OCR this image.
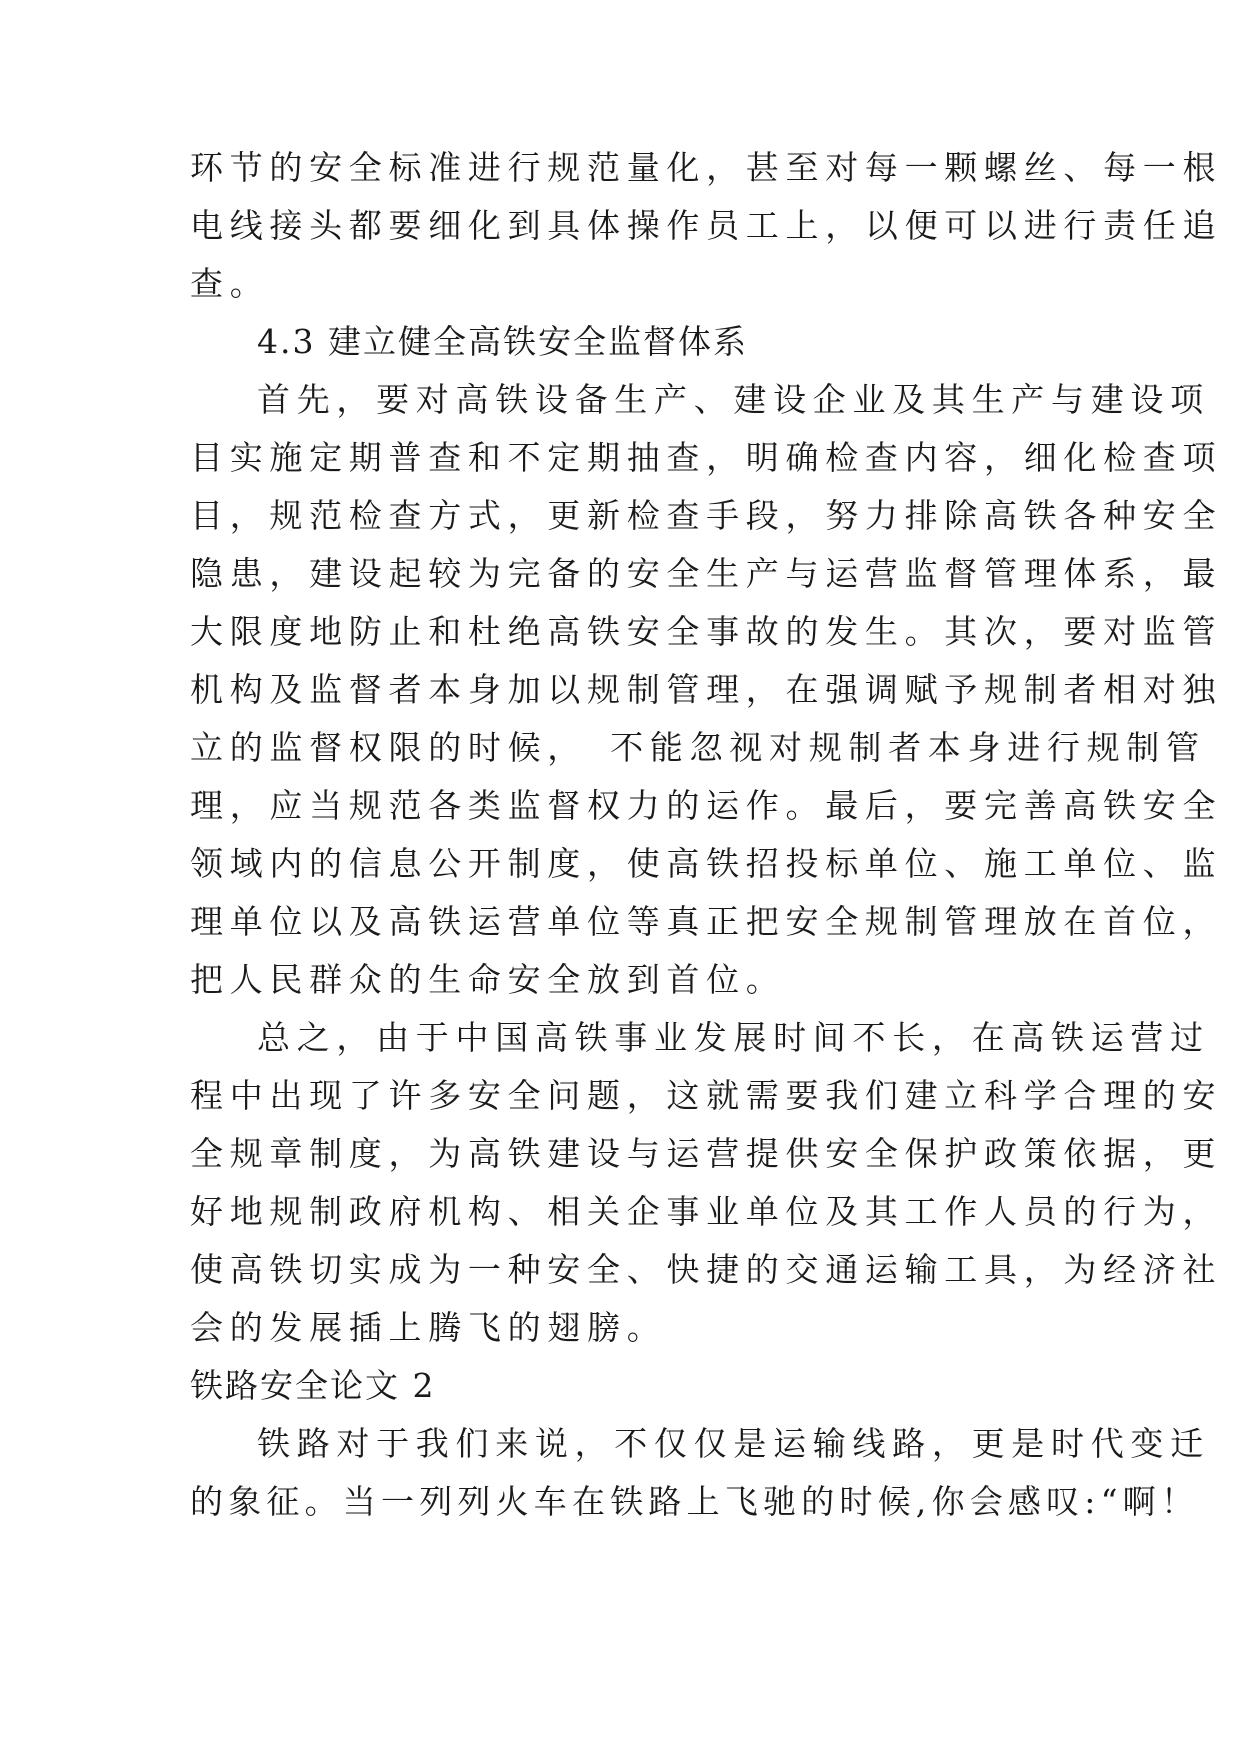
环节的安全标准进行规范量化，甚至对每一颗螺丝、每一根
电线接头都要细化到具体操作员工上，以便可以进行责任追
查。
4.3 建立健全高铁安全监督体系
首先，要对高铁设备生产、建设企业及其生产与建设项
目实施定期普查和不定期抽查，明确检查内容，细化检查项
目，规范检查方式，更新检查手段，努力排除高铁各种安全
隐患，建设起较为完备的安全生产与运营监督管理体系，最
大限度地防止和杜绝高铁安全事故的发生。其次，要对监管
机构及监督者本身加以规制管理，在强调赋予规制者相对独
立的监督权限的时候，　不能忽视对规制者本身进行规制管
理，应当规范各类监督权力的运作。最后，要完善高铁安全
领域内的信息公开制度，使高铁招投标单位、施工单位、监
理单位以及高铁运营单位等真正把安全规制管理放在首位，
把人民群众的生命安全放到首位。
总之，由于中国高铁事业发展时间不长，在高铁运营过
程中出现了许多安全问题，这就需要我们建立科学合理的安
全规章制度，为高铁建设与运营提供安全保护政策依据，更
好地规制政府机构、相关企事业单位及其工作人员的行为，
使高铁切实成为一种安全、快捷的交通运输工具，为经济社
会的发展插上腾飞的翅膀。
铁路安全论文 2
铁路对于我们来说，不仅仅是运输线路，更是时代变迁
的象征。当一列列火车在铁路上飞驰的时候,你会感叹:“啊！
